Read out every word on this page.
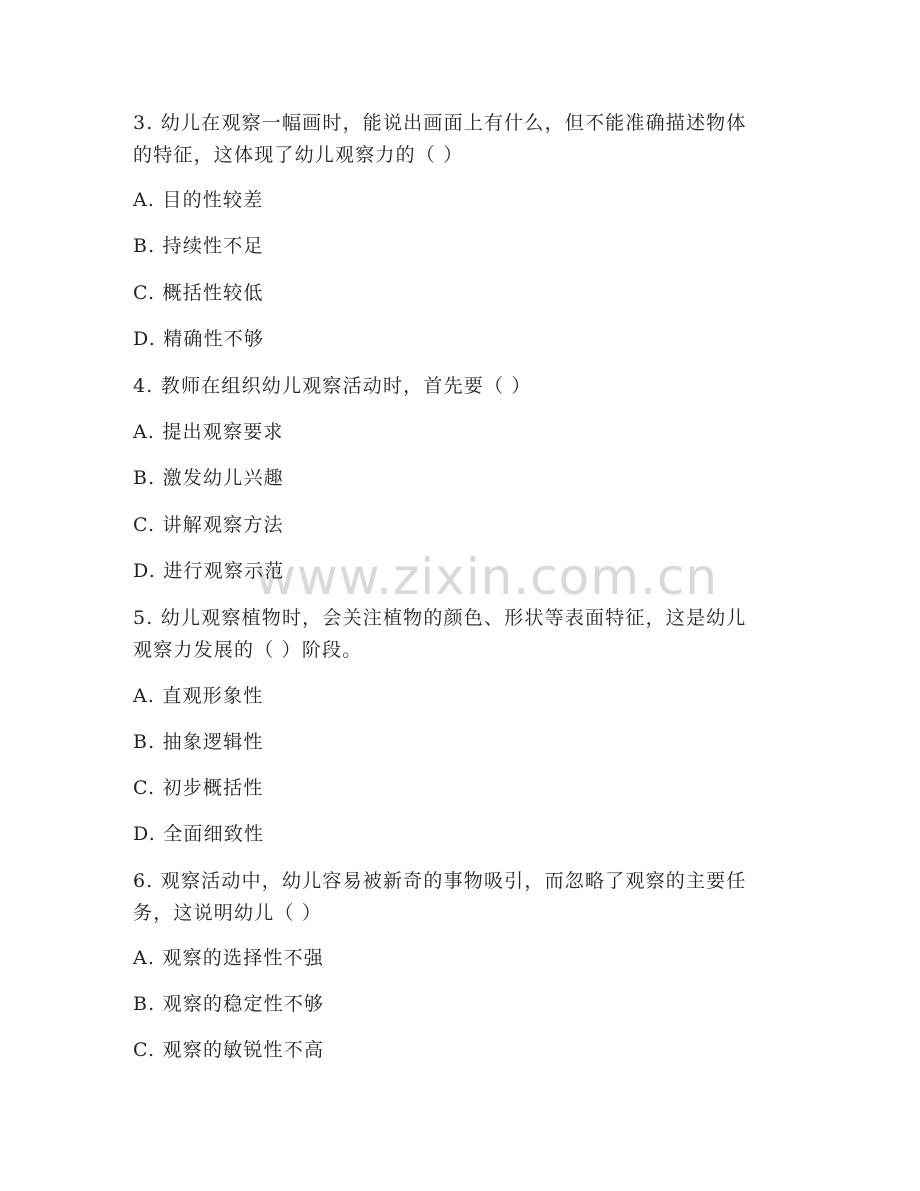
www.zixin.com.cn
3. 幼儿在观察一幅画时，能说出画面上有什么，但不能准确描述物体
的特征，这体现了幼儿观察力的（ ）
A. 目的性较差
B. 持续性不足
C. 概括性较低
D. 精确性不够
4. 教师在组织幼儿观察活动时，首先要（ ）
A. 提出观察要求
B. 激发幼儿兴趣
C. 讲解观察方法
D. 进行观察示范
5. 幼儿观察植物时，会关注植物的颜色、形状等表面特征，这是幼儿
观察力发展的（ ）阶段。
A. 直观形象性
B. 抽象逻辑性
C. 初步概括性
D. 全面细致性
6. 观察活动中，幼儿容易被新奇的事物吸引，而忽略了观察的主要任
务，这说明幼儿（ ）
A. 观察的选择性不强
B. 观察的稳定性不够
C. 观察的敏锐性不高
